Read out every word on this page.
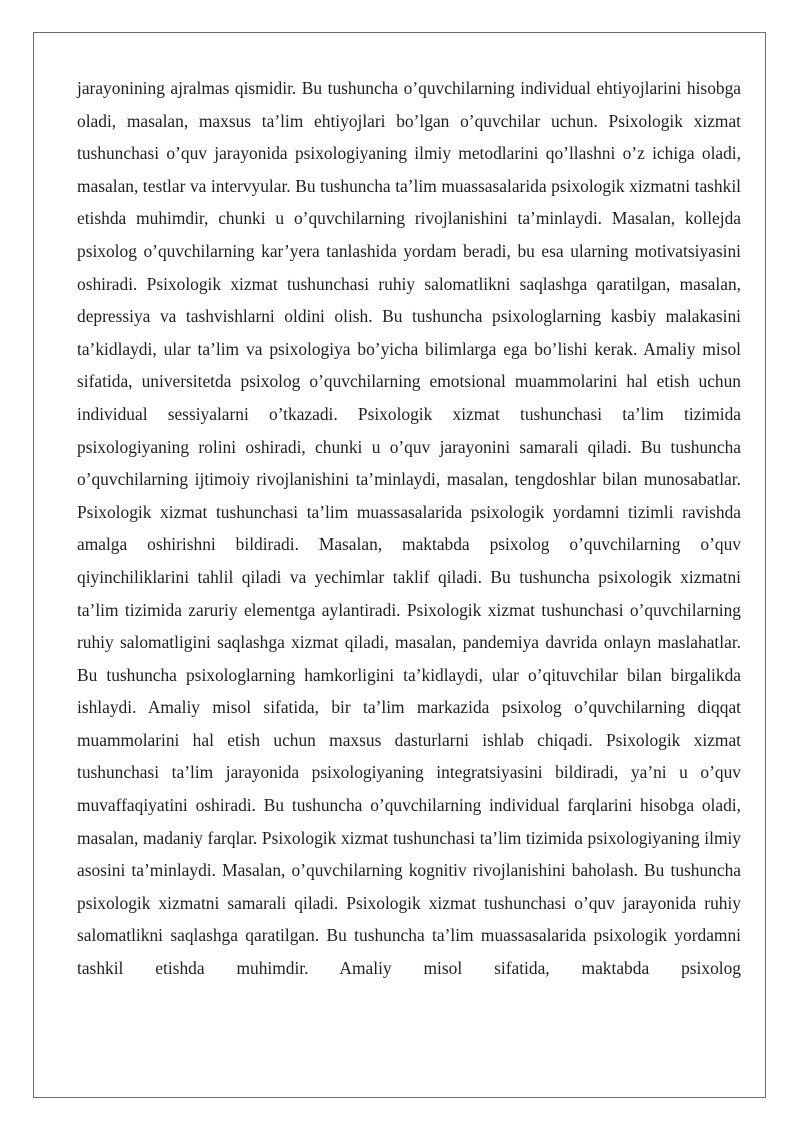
jarayonining ajralmas qismidir. Bu tushuncha o’quvchilarning individual ehtiyojlarini hisobga oladi, masalan, maxsus ta’lim ehtiyojlari bo’lgan o’quvchilar uchun. Psixologik xizmat tushunchasi o’quv jarayonida psixologiyaning ilmiy metodlarini qo’llashni o’z ichiga oladi, masalan, testlar va intervyular. Bu tushuncha ta’lim muassasalarida psixologik xizmatni tashkil etishda muhimdir, chunki u o’quvchilarning rivojlanishini ta’minlaydi. Masalan, kollejda psixolog o’quvchilarning kar’yera tanlashida yordam beradi, bu esa ularning motivatsiyasini oshiradi. Psixologik xizmat tushunchasi ruhiy salomatlikni saqlashga qaratilgan, masalan, depressiya va tashvishlarni oldini olish. Bu tushuncha psixologlarning kasbiy malakasini ta’kidlaydi, ular ta’lim va psixologiya bo’yicha bilimlarga ega bo’lishi kerak. Amaliy misol sifatida, universitetda psixolog o’quvchilarning emotsional muammolarini hal etish uchun individual sessiyalarni o’tkazadi. Psixologik xizmat tushunchasi ta’lim tizimida psixologiyaning rolini oshiradi, chunki u o’quv jarayonini samarali qiladi. Bu tushuncha o’quvchilarning ijtimoiy rivojlanishini ta’minlaydi, masalan, tengdoshlar bilan munosabatlar. Psixologik xizmat tushunchasi ta’lim muassasalarida psixologik yordamni tizimli ravishda amalga oshirishni bildiradi. Masalan, maktabda psixolog o’quvchilarning o’quv qiyinchiliklarini tahlil qiladi va yechimlar taklif qiladi. Bu tushuncha psixologik xizmatni ta’lim tizimida zaruriy elementga aylantiradi. Psixologik xizmat tushunchasi o’quvchilarning ruhiy salomatligini saqlashga xizmat qiladi, masalan, pandemiya davrida onlayn maslahatlar. Bu tushuncha psixologlarning hamkorligini ta’kidlaydi, ular o’qituvchilar bilan birgalikda ishlaydi. Amaliy misol sifatida, bir ta’lim markazida psixolog o’quvchilarning diqqat muammolarini hal etish uchun maxsus dasturlarni ishlab chiqadi. Psixologik xizmat tushunchasi ta’lim jarayonida psixologiyaning integratsiyasini bildiradi, ya’ni u o’quv muvaffaqiyatini oshiradi. Bu tushuncha o’quvchilarning individual farqlarini hisobga oladi, masalan, madaniy farqlar. Psixologik xizmat tushunchasi ta’lim tizimida psixologiyaning ilmiy asosini ta’minlaydi. Masalan, o’quvchilarning kognitiv rivojlanishini baholash. Bu tushuncha psixologik xizmatni samarali qiladi. Psixologik xizmat tushunchasi o’quv jarayonida ruhiy salomatlikni saqlashga qaratilgan. Bu tushuncha ta’lim muassasalarida psixologik yordamni tashkil etishda muhimdir. Amaliy misol sifatida, maktabda psixolog
